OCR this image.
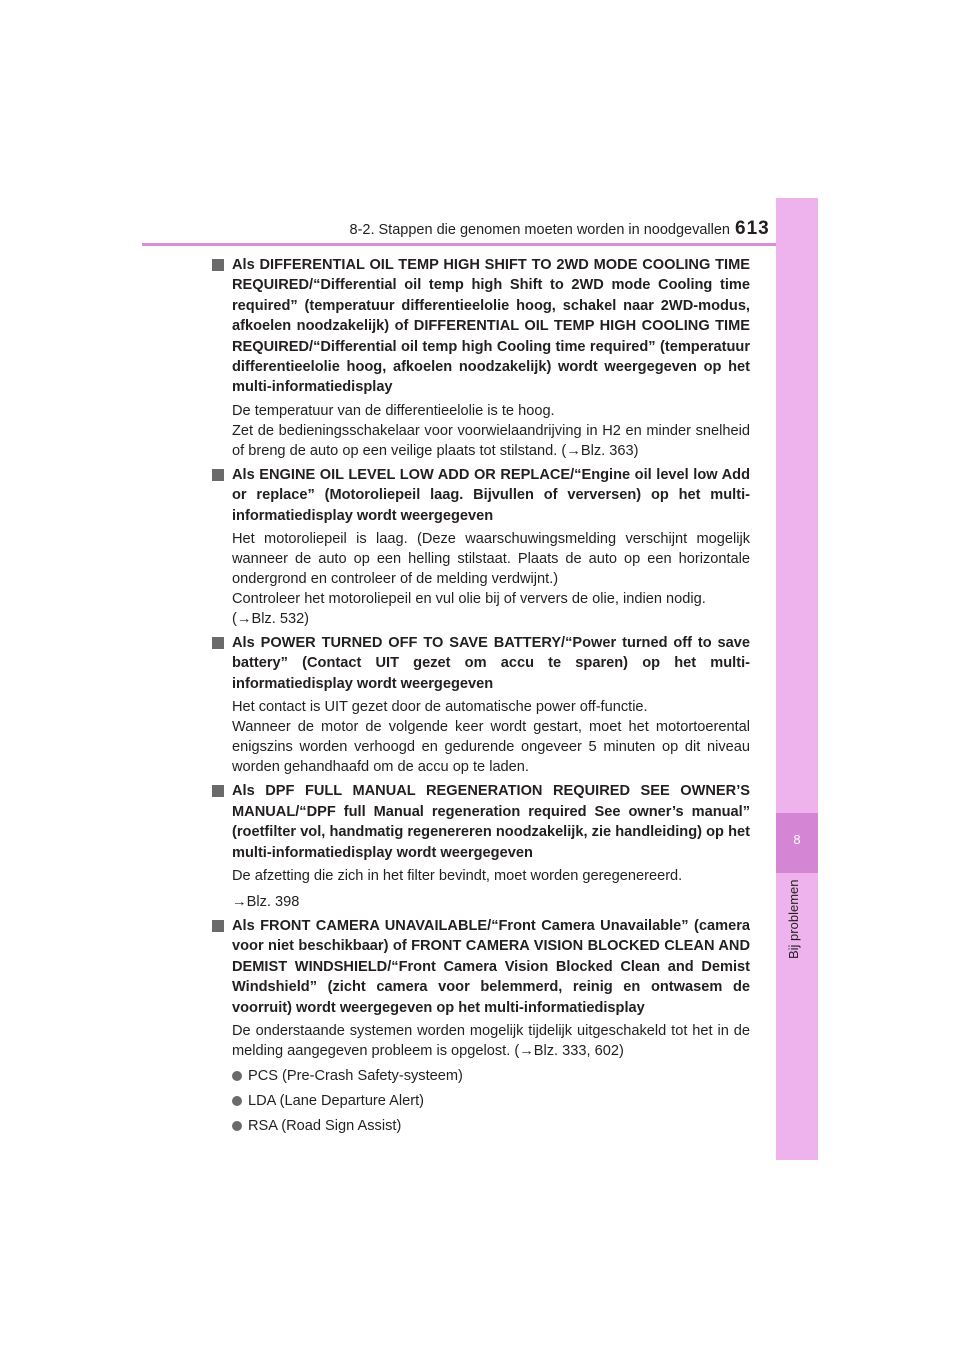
8-2. Stappen die genomen moeten worden in noodgevallen 613
8
Bij problemen

Als DIFFERENTIAL OIL TEMP HIGH SHIFT TO 2WD MODE COOLING TIME REQUIRED/“Differential oil temp high Shift to 2WD mode Cooling time required” (temperatuur differentieelolie hoog, schakel naar 2WD-modus, afkoelen noodzakelijk) of DIFFERENTIAL OIL TEMP HIGH COOLING TIME REQUIRED/“Differential oil temp high Cooling time required” (temperatuur differentieelolie hoog, afkoelen noodzakelijk) wordt weergegeven op het multi-informatiedisplay

De temperatuur van de differentieelolie is te hoog.
Zet de bedieningsschakelaar voor voorwielaandrijving in H2 en minder snelheid of breng de auto op een veilige plaats tot stilstand. (→Blz. 363)

Als ENGINE OIL LEVEL LOW ADD OR REPLACE/“Engine oil level low Add or replace” (Motoroliepeil laag. Bijvullen of verversen) op het multi-informatiedisplay wordt weergegeven

Het motoroliepeil is laag. (Deze waarschuwingsmelding verschijnt mogelijk wanneer de auto op een helling stilstaat. Plaats de auto op een horizontale ondergrond en controleer of de melding verdwijnt.)
Controleer het motoroliepeil en vul olie bij of ververs de olie, indien nodig.
(→Blz. 532)

Als POWER TURNED OFF TO SAVE BATTERY/“Power turned off to save battery” (Contact UIT gezet om accu te sparen) op het multi-informatiedisplay wordt weergegeven

Het contact is UIT gezet door de automatische power off-functie.
Wanneer de motor de volgende keer wordt gestart, moet het motortoerental enigszins worden verhoogd en gedurende ongeveer 5 minuten op dit niveau worden gehandhaafd om de accu op te laden.

Als DPF FULL MANUAL REGENERATION REQUIRED SEE OWNER’S MANUAL/“DPF full Manual regeneration required See owner’s manual” (roetfilter vol, handmatig regenereren noodzakelijk, zie handleiding) op het multi-informatiedisplay wordt weergegeven

De afzetting die zich in het filter bevindt, moet worden geregenereerd.

→Blz. 398

Als FRONT CAMERA UNAVAILABLE/“Front Camera Unavailable” (camera voor niet beschikbaar) of FRONT CAMERA VISION BLOCKED CLEAN AND DEMIST WINDSHIELD/“Front Camera Vision Blocked Clean and Demist Windshield” (zicht camera voor belemmerd, reinig en ontwasem de voorruit) wordt weergegeven op het multi-informatiedisplay

De onderstaande systemen worden mogelijk tijdelijk uitgeschakeld tot het in de melding aangegeven probleem is opgelost. (→Blz. 333, 602)

PCS (Pre-Crash Safety-systeem)
LDA (Lane Departure Alert)
RSA (Road Sign Assist)
